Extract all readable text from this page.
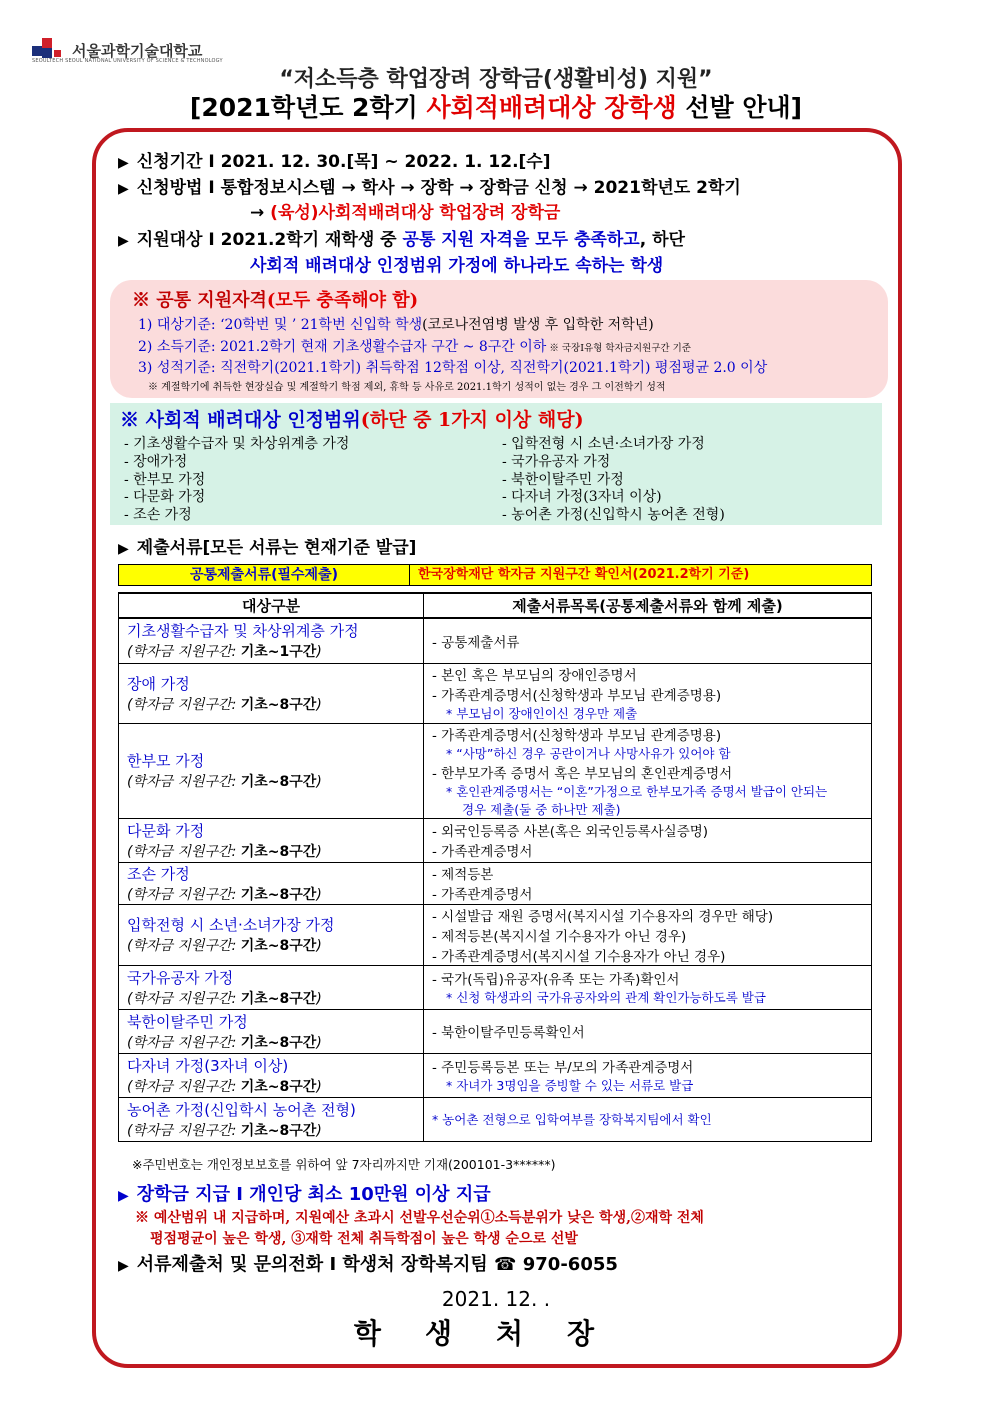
서울과학기술대학교
SEOULTECH SEOUL NATIONAL UNIVERSITY OF SCIENCE & TECHNOLOGY
“저소득층 학업장려 장학금(생활비성) 지원”
[2021학년도 2학기 사회적배려대상 장학생 선발 안내]
▶ 신청기간 I 2021. 12. 30.[목] ~ 2022. 1. 12.[수]
▶ 신청방법 I 통합정보시스템 → 학사 → 장학 → 장학금 신청 → 2021학년도 2학기
→ (육성)사회적배려대상 학업장려 장학금
▶ 지원대상 I 2021.2학기 재학생 중 공통 지원 자격을 모두 충족하고, 하단
사회적 배려대상 인정범위 가정에 하나라도 속하는 학생
※ 공통 지원자격(모두 충족해야 함)
1) 대상기준: ‘20학번 및 ’ 21학번 신입학 학생(코로나전염병 발생 후 입학한 저학년)
2) 소득기준: 2021.2학기 현재 기초생활수급자 구간 ~ 8구간 이하 ※ 국장Ⅰ유형 학자금지원구간 기준
3) 성적기준: 직전학기(2021.1학기) 취득학점 12학점 이상, 직전학기(2021.1학기) 평점평균 2.0 이상
※ 계절학기에 취득한 현장실습 및 계절학기 학점 제외, 휴학 등 사유로 2021.1학기 성적이 없는 경우 그 이전학기 성적
※ 사회적 배려대상 인정범위(하단 중 1가지 이상 해당)
- 기초생활수급자 및 차상위계층 가정
- 장애가정
- 한부모 가정
- 다문화 가정
- 조손 가정
- 입학전형 시 소년·소녀가장 가정
- 국가유공자 가정
- 북한이탈주민 가정
- 다자녀 가정(3자녀 이상)
- 농어촌 가정(신입학시 농어촌 전형)
▶ 제출서류[모든 서류는 현재기준 발급]
공통제출서류(필수제출)	한국장학재단 학자금 지원구간 확인서(2021.2학기 기준)
대상구분	제출서류목록(공통제출서류와 함께 제출)

기초생활수급자 및 차상위계층 가정
(학자금 지원구간: 기초~1구간)	- 공통제출서류

장애 가정
(학자금 지원구간: 기초~8구간)	- 본인 혹은 부모님의 장애인증명서
- 가족관계증명서(신청학생과 부모님 관계증명용)
* 부모님이 장애인이신 경우만 제출

한부모 가정
(학자금 지원구간: 기초~8구간)	- 가족관계증명서(신청학생과 부모님 관계증명용)
* “사망”하신 경우 공란이거나 사망사유가 있어야 함
- 한부모가족 증명서 혹은 부모님의 혼인관계증명서
* 혼인관계증명서는 “이혼”가정으로 한부모가족 증명서 발급이 안되는
경우 제출(둘 중 하나만 제출)

다문화 가정
(학자금 지원구간: 기초~8구간)	- 외국인등록증 사본(혹은 외국인등록사실증명)
- 가족관계증명서

조손 가정
(학자금 지원구간: 기초~8구간)	- 제적등본
- 가족관계증명서

입학전형 시 소년·소녀가장 가정
(학자금 지원구간: 기초~8구간)	- 시설발급 재원 증명서(복지시설 기수용자의 경우만 해당)
- 제적등본(복지시설 기수용자가 아닌 경우)
- 가족관계증명서(복지시설 기수용자가 아닌 경우)

국가유공자 가정
(학자금 지원구간: 기초~8구간)	- 국가(독립)유공자(유족 또는 가족)확인서
* 신청 학생과의 국가유공자와의 관계 확인가능하도록 발급

북한이탈주민 가정
(학자금 지원구간: 기초~8구간)	- 북한이탈주민등록확인서

다자녀 가정(3자녀 이상)
(학자금 지원구간: 기초~8구간)	- 주민등록등본 또는 부/모의 가족관계증명서
* 자녀가 3명임을 증빙할 수 있는 서류로 발급

농어촌 가정(신입학시 농어촌 전형)
(학자금 지원구간: 기초~8구간)	* 농어촌 전형으로 입학여부를 장학복지팀에서 확인
※주민번호는 개인정보보호를 위하여 앞 7자리까지만 기재(200101-3******)
▶ 장학금 지급 I 개인당 최소 10만원 이상 지급
※ 예산범위 내 지급하며, 지원예산 초과시 선발우선순위①소득분위가 낮은 학생,②재학 전체
평점평균이 높은 학생, ③재학 전체 취득학점이 높은 학생 순으로 선발
▶ 서류제출처 및 문의전화 I 학생처 장학복지팀 ☎ 970-6055
2021. 12. .
학생처장
